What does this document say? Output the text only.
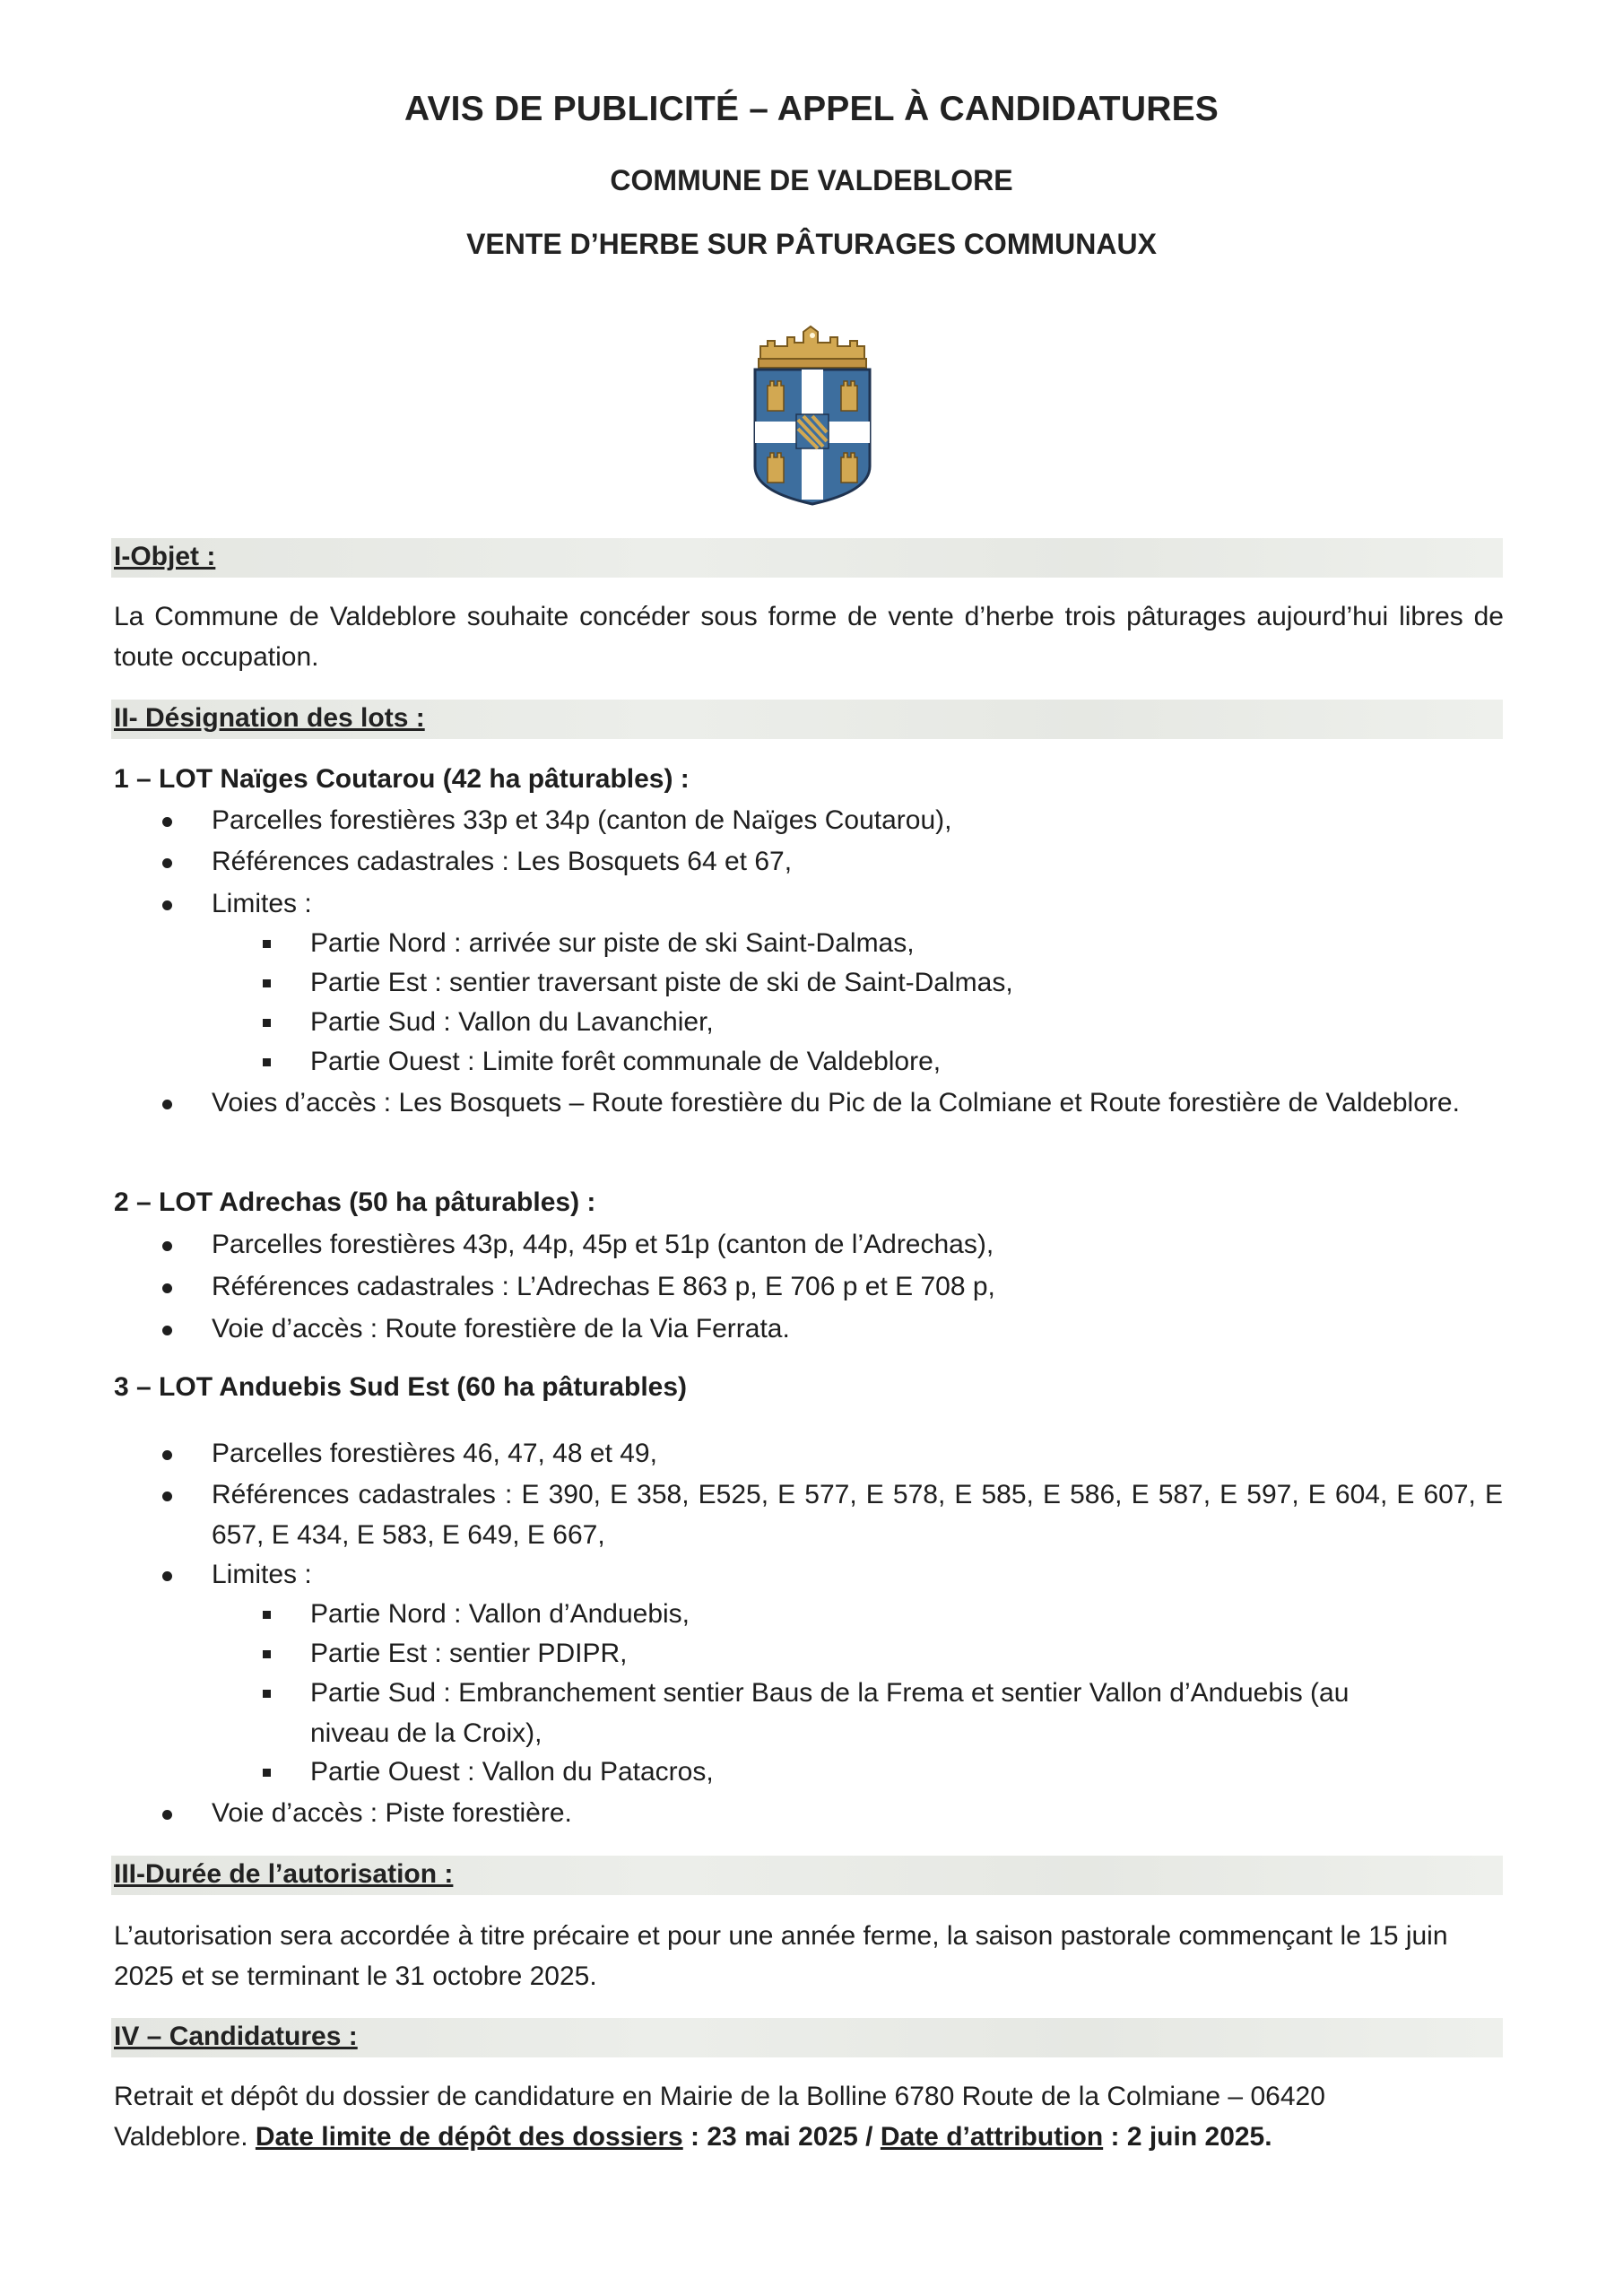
AVIS DE PUBLICITÉ – APPEL À CANDIDATURES
COMMUNE DE VALDEBLORE
VENTE D’HERBE SUR PÂTURAGES COMMUNAUX
I-Objet :
La Commune de Valdeblore souhaite concéder sous forme de vente d’herbe trois pâturages aujourd’hui libres de toute occupation.
II- Désignation des lots :
1 – LOT Naïges Coutarou (42 ha pâturables) :
Parcelles forestières 33p et 34p (canton de Naïges Coutarou),
Références cadastrales : Les Bosquets 64 et 67,
Limites :
Partie Nord : arrivée sur piste de ski Saint-Dalmas,
Partie Est : sentier traversant piste de ski de Saint-Dalmas,
Partie Sud : Vallon du Lavanchier,
Partie Ouest : Limite forêt communale de Valdeblore,
Voies d’accès : Les Bosquets – Route forestière du Pic de la Colmiane et Route forestière de Valdeblore.
2 – LOT Adrechas (50 ha pâturables) :
Parcelles forestières 43p, 44p, 45p et 51p (canton de l’Adrechas),
Références cadastrales : L’Adrechas E 863 p, E 706 p et E 708 p,
Voie d’accès : Route forestière de la Via Ferrata.
3 – LOT Anduebis Sud Est (60 ha pâturables)
Parcelles forestières 46, 47, 48 et 49,
Références cadastrales : E 390, E 358, E525, E 577, E 578, E 585, E 586, E 587, E 597, E 604, E 607, E 657, E 434, E 583, E 649, E 667,
Limites :
Partie Nord : Vallon d’Anduebis,
Partie Est : sentier PDIPR,
Partie Sud : Embranchement sentier Baus de la Frema et sentier Vallon d’Anduebis (au niveau de la Croix),
Partie Ouest : Vallon du Patacros,
Voie d’accès : Piste forestière.
III-Durée de l’autorisation :
L’autorisation sera accordée à titre précaire et pour une année ferme, la saison pastorale commençant le 15 juin 2025 et se terminant le 31 octobre 2025.
IV – Candidatures :
Retrait et dépôt du dossier de candidature en Mairie de la Bolline 6780 Route de la Colmiane – 06420 Valdeblore. Date limite de dépôt des dossiers : 23 mai 2025 / Date d’attribution : 2 juin 2025.
